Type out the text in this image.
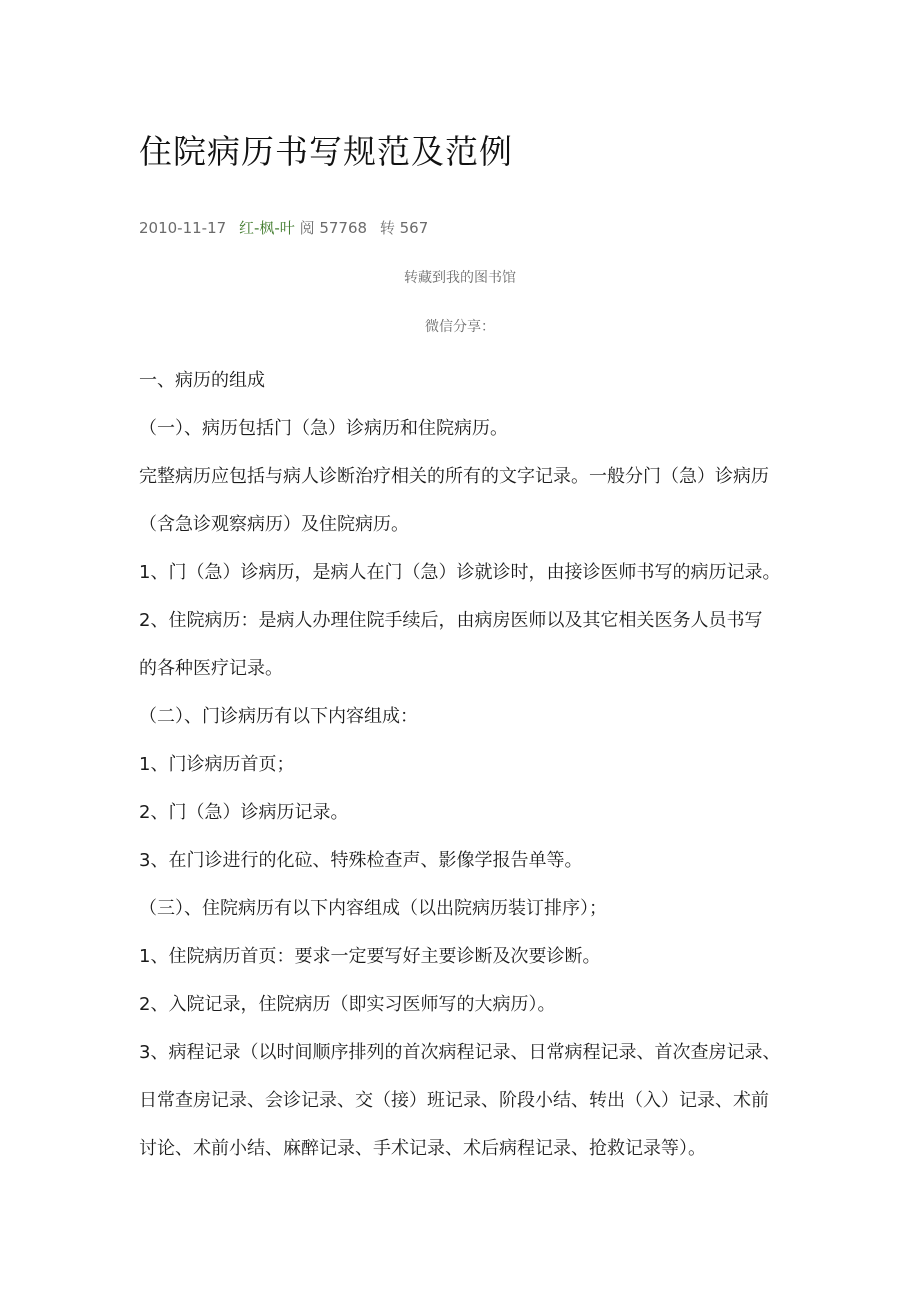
住院病历书写规范及范例
2010-11-17 红-枫-叶 阅 57768 转 567
转藏到我的图书馆
微信分享：

一、病历的组成

（一）、病历包括门（急）诊病历和住院病历。

完整病历应包括与病人诊断治疗相关的所有的文字记录。一般分门（急）诊病历

（含急诊观察病历）及住院病历。

1、门（急）诊病历，是病人在门（急）诊就诊时，由接诊医师书写的病历记录。

2、住院病历：是病人办理住院手续后，由病房医师以及其它相关医务人员书写

的各种医疗记录。

（二）、门诊病历有以下内容组成：

1、门诊病历首页；

2、门（急）诊病历记录。

3、在门诊进行的化砬、特殊检查声、影像学报告单等。

（三）、住院病历有以下内容组成（以出院病历装订排序）；

1、住院病历首页：要求一定要写好主要诊断及次要诊断。

2、入院记录，住院病历（即实习医师写的大病历）。

3、病程记录（以时间顺序排列的首次病程记录、日常病程记录、首次查房记录、

日常查房记录、会诊记录、交（接）班记录、阶段小结、转出（入）记录、术前

讨论、术前小结、麻醉记录、手术记录、术后病程记录、抢救记录等）。
